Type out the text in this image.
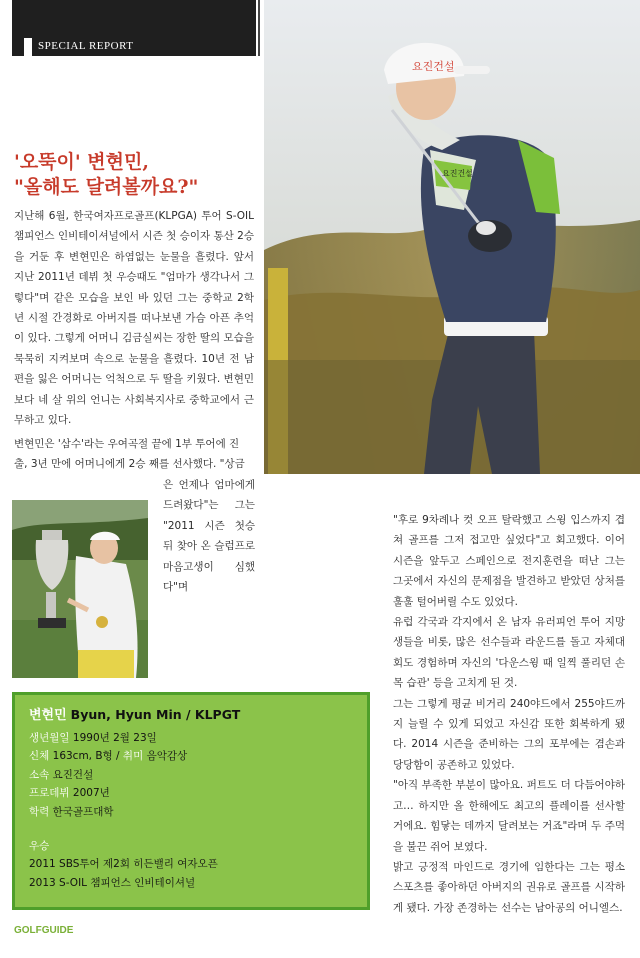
SPECIAL REPORT
요진건설
요진건설
'오뚝이' 변현민,
"올해도 달려볼까요?"

지난해 6월, 한국여자프로골프(KLPGA) 투어 S-OIL 챔피언스 인비테이셔널에서 시즌 첫 승이자 통산 2승을 거둔 후 변현민은 하염없는 눈물을 흘렸다. 앞서 지난 2011년 데뷔 첫 우승때도 "엄마가 생각나서 그렇다"며 같은 모습을 보인 바 있던 그는 중학교 2학년 시절 간경화로 아버지를 떠나보낸 가슴 아픈 추억이 있다. 그렇게 어머니 김금실씨는 장한 딸의 모습을 묵묵히 지켜보며 속으로 눈물을 흘렸다. 10년 전 남편을 잃은 어머니는 억척으로 두 딸을 키웠다. 변현민보다 네 살 위의 언니는 사회복지사로 중학교에서 근무하고 있다.

변현민은 '삼수'라는 우여곡절 끝에 1부 투어에 진
출, 3년 만에 어머니에게 2승 째를 선사했다. "상금
은 언제나 엄마에게 드려왔다"는 그는 "2011 시즌 첫승 뒤 찾아 온 슬럼프로 마음고생이 심했다"며
변현민 Byun, Hyun Min / KLPGT
생년월일 1990년 2월 23일
신체 163cm, B형 / 취미 음악감상
소속 요진건설
프로데뷔 2007년
학력 한국골프대학
우승
2011 SBS투어 제2회 히든밸리 여자오픈
2013 S-OIL 챔피언스 인비테이셔널

"후로 9차례나 컷 오프 탈락했고 스윙 입스까지 겹쳐 골프를 그저 접고만 싶었다"고 회고했다. 이어 시즌을 앞두고 스페인으로 전지훈련을 떠난 그는 그곳에서 자신의 문제점을 발견하고 받았던 상처를 훌훌 털어버릴 수도 있었다.

유럽 각국과 각지에서 온 남자 유러피언 투어 지망생들을 비롯, 많은 선수들과 라운드를 돌고 자체대회도 경험하며 자신의 '다운스윙 때 일찍 풀리던 손목 습관' 등을 고치게 된 것.

그는 그렇게 평균 비거리 240야드에서 255야드까지 늘릴 수 있게 되었고 자신감 또한 회복하게 됐다. 2014 시즌을 준비하는 그의 포부에는 겸손과 당당함이 공존하고 있었다.

"아직 부족한 부분이 많아요. 퍼트도 더 다듬어야하고… 하지만 올 한해에도 최고의 플레이를 선사할거에요. 힘닿는 데까지 달려보는 거죠"라며 두 주먹을 불끈 쥐어 보였다.

밝고 긍정적 마인드로 경기에 임한다는 그는 평소 스포츠를 좋아하던 아버지의 권유로 골프를 시작하게 됐다. 가장 존경하는 선수는 남아공의 어니엘스.

GOLFGUIDE
